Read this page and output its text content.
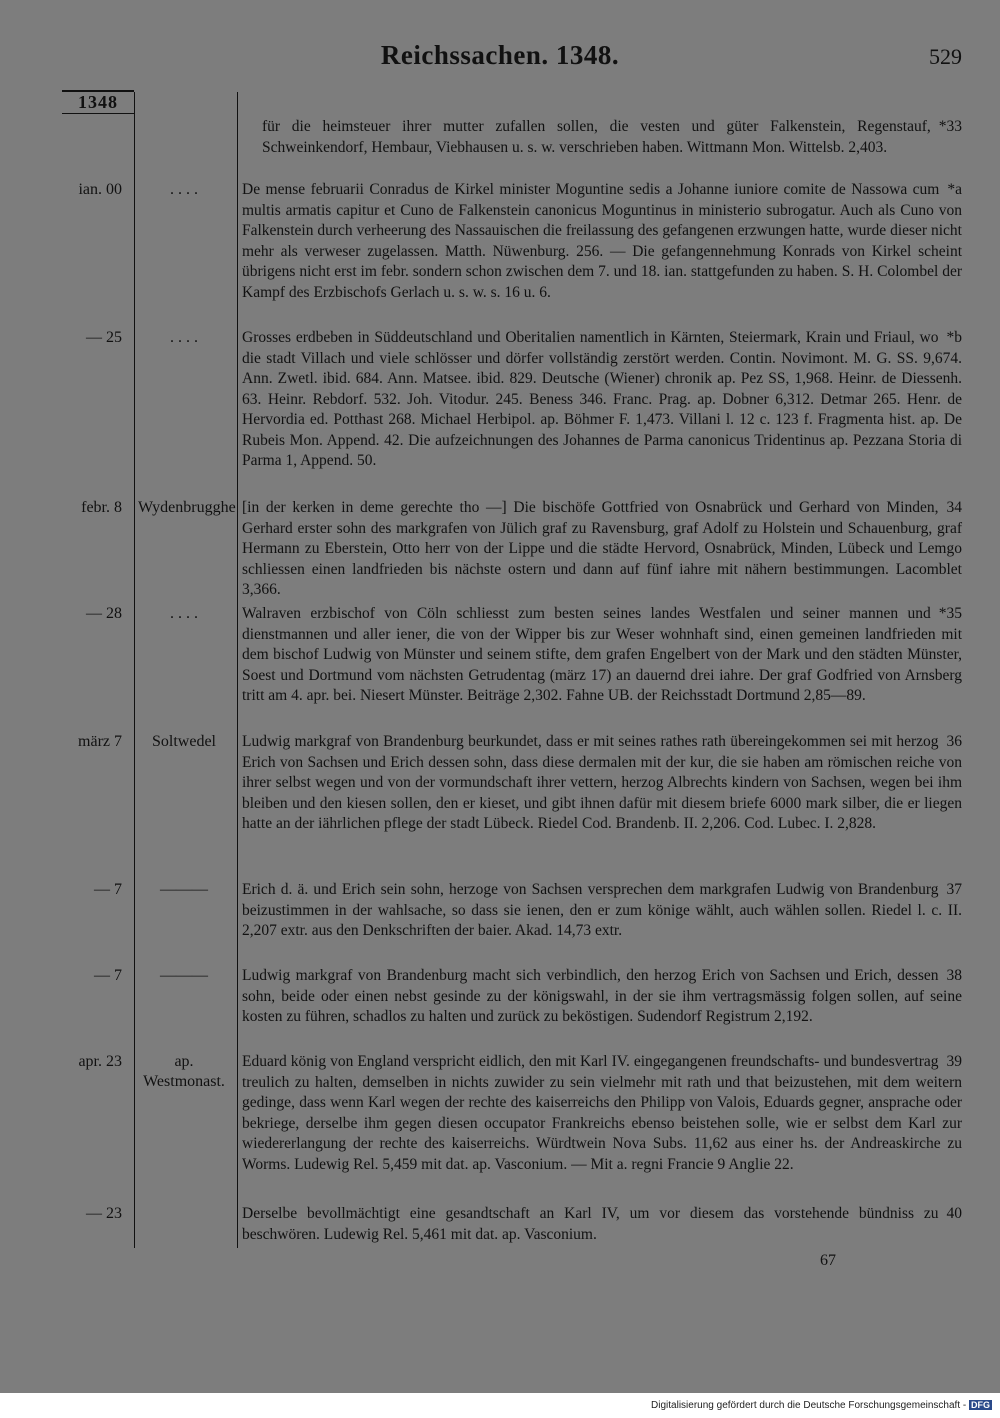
Reichssachen. 1348.	529
1348
*33
für die heimsteuer ihrer mutter zufallen sollen, die vesten und güter Falkenstein, Regenstauf, Schweinkendorf, Hembaur, Viebhausen u. s. w. verschrieben haben. Wittmann Mon. Wittelsb. 2,403.
ian. 00	. . . .	*a
De mense februarii Conradus de Kirkel minister Moguntine sedis a Johanne iuniore comite de Nassowa cum multis armatis capitur et Cuno de Falkenstein canonicus Moguntinus in ministerio subrogatur. Auch als Cuno von Falkenstein durch verheerung des Nassauischen die freilassung des gefangenen erzwungen hatte, wurde dieser nicht mehr als verweser zugelassen. Matth. Nüwenburg. 256. — Die gefangennehmung Konrads von Kirkel scheint übrigens nicht erst im febr. sondern schon zwischen dem 7. und 18. ian. stattgefunden zu haben. S. H. Colombel der Kampf des Erzbischofs Gerlach u. s. w. s. 16 u. 6.
— 25	. . . .	*b
Grosses erdbeben in Süddeutschland und Oberitalien namentlich in Kärnten, Steiermark, Krain und Friaul, wo die stadt Villach und viele schlösser und dörfer vollständig zerstört werden. Contin. Novimont. M. G. SS. 9,674. Ann. Zwetl. ibid. 684. Ann. Matsee. ibid. 829. Deutsche (Wiener) chronik ap. Pez SS, 1,968. Heinr. de Diessenh. 63. Heinr. Rebdorf. 532. Joh. Vitodur. 245. Beness 346. Franc. Prag. ap. Dobner 6,312. Detmar 265. Henr. de Hervordia ed. Potthast 268. Michael Herbipol. ap. Böhmer F. 1,473. Villani l. 12 c. 123 f. Fragmenta hist. ap. De Rubeis Mon. Append. 42. Die aufzeichnungen des Johannes de Parma canonicus Tridentinus ap. Pezzana Storia di Parma 1, Append. 50.
febr. 8 Wydenbrugghe	34
[in der kerken in deme gerechte tho —] Die bischöfe Gottfried von Osnabrück und Gerhard von Minden, Gerhard erster sohn des markgrafen von Jülich graf zu Ravensburg, graf Adolf zu Holstein und Schauenburg, graf Hermann zu Eberstein, Otto herr von der Lippe und die städte Hervord, Osnabrück, Minden, Lübeck und Lemgo schliessen einen landfrieden bis nächste ostern und dann auf fünf iahre mit nähern bestimmungen. Lacomblet 3,366.
— 28	. . . .	*35
Walraven erzbischof von Cöln schliesst zum besten seines landes Westfalen und seiner mannen und dienstmannen und aller iener, die von der Wipper bis zur Weser wohnhaft sind, einen gemeinen landfrieden mit dem bischof Ludwig von Münster und seinem stifte, dem grafen Engelbert von der Mark und den städten Münster, Soest und Dortmund vom nächsten Getrudentag (märz 17) an dauernd drei iahre. Der graf Godfried von Arnsberg tritt am 4. apr. bei. Niesert Münster. Beiträge 2,302. Fahne UB. der Reichsstadt Dortmund 2,85—89.
märz 7	Soltwedel	36
Ludwig markgraf von Brandenburg beurkundet, dass er mit seines rathes rath übereingekommen sei mit herzog Erich von Sachsen und Erich dessen sohn, dass diese dermalen mit der kur, die sie haben am römischen reiche von ihrer selbst wegen und von der vormundschaft ihrer vettern, herzog Albrechts kindern von Sachsen, wegen bei ihm bleiben und den kiesen sollen, den er kieset, und gibt ihnen dafür mit diesem briefe 6000 mark silber, die er liegen hatte an der iährlichen pflege der stadt Lübeck. Riedel Cod. Brandenb. II. 2,206. Cod. Lubec. I. 2,828.
— 7	———	37
Erich d. ä. und Erich sein sohn, herzoge von Sachsen versprechen dem markgrafen Ludwig von Brandenburg beizustimmen in der wahlsache, so dass sie ienen, den er zum könige wählt, auch wählen sollen. Riedel l. c. II. 2,207 extr. aus den Denkschriften der baier. Akad. 14,73 extr.
— 7	———	38
Ludwig markgraf von Brandenburg macht sich verbindlich, den herzog Erich von Sachsen und Erich, dessen sohn, beide oder einen nebst gesinde zu der königswahl, in der sie ihm vertragsmässig folgen sollen, auf seine kosten zu führen, schadlos zu halten und zurück zu beköstigen. Sudendorf Registrum 2,192.
apr. 23	ap. Westmonast.
39
Eduard könig von England verspricht eidlich, den mit Karl IV. eingegangenen freundschafts- und bundesvertrag treulich zu halten, demselben in nichts zuwider zu sein vielmehr mit rath und that beizustehen, mit dem weitern gedinge, dass wenn Karl wegen der rechte des kaiserreichs den Philipp von Valois, Eduards gegner, ansprache oder bekriege, derselbe ihm gegen diesen occupator Frankreichs ebenso beistehen solle, wie er selbst dem Karl zur wiedererlangung der rechte des kaiserreichs. Würdtwein Nova Subs. 11,62 aus einer hs. der Andreaskirche zu Worms. Ludewig Rel. 5,459 mit dat. ap. Vasconium. — Mit a. regni Francie 9 Anglie 22.
— 23	40
Derselbe bevollmächtigt eine gesandtschaft an Karl IV, um vor diesem das vorstehende bündniss zu beschwören. Ludewig Rel. 5,461 mit dat. ap. Vasconium.
67
Digitalisierung gefördert durch die Deutsche Forschungsgemeinschaft - DFG
